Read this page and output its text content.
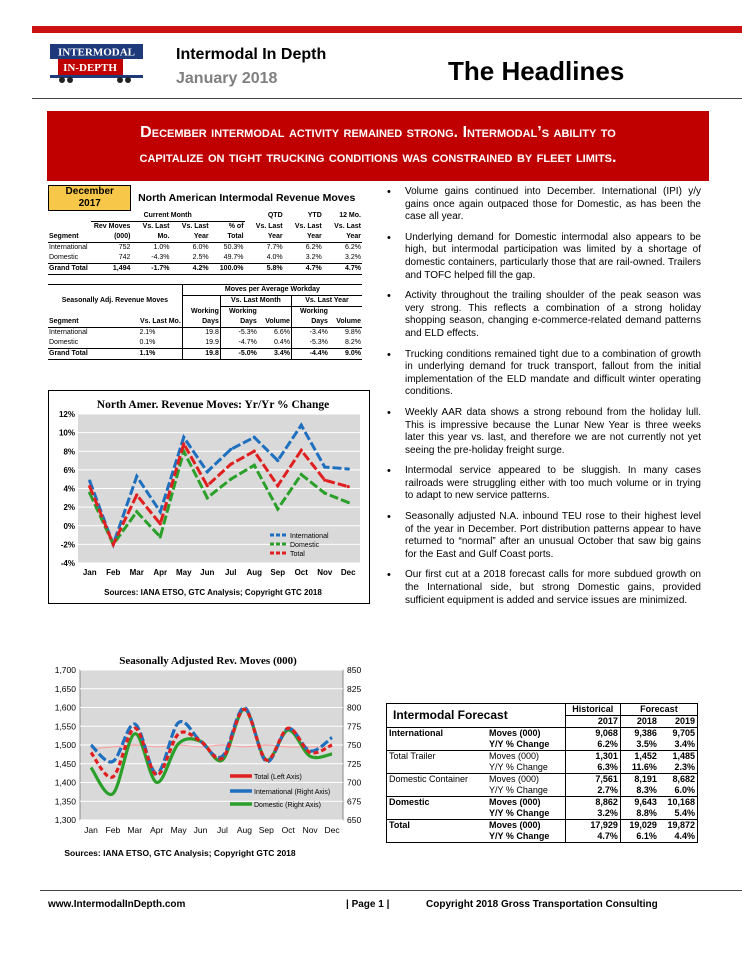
INTERMODAL
IN-DEPTH
Intermodal In Depth
January 2018	The Headlines
December intermodal activity remained strong. Intermodal’s ability to
capitalize on tight trucking conditions was constrained by fleet limits.
December
2017		North American Intermodal Revenue Moves					
	Current Month				QTD	YTD	12 Mo.
	Rev Moves	Vs. Last	Vs. Last	% of	Vs. Last	Vs. Last	Vs. Last
Segment	(000)	Mo.	Year	Total	Year	Year	Year
International	752	1.0%	6.0%	50.3%	7.7%	6.2%	6.2%
Domestic	742	-4.3%	2.5%	49.7%	4.0%	3.2%	3.2%
Grand Total	1,494	-1.7%	4.2%	100.0%	5.8%	4.7%	4.7%
		Moves per Average Workday				
Seasonally Adj. Revenue Moves			Vs. Last Month		Vs. Last Year	
		Working	Working		Working	
Segment	Vs. Last Mo.	Days	Days	Volume	Days	Volume
International	2.1%	19.8	-5.3%	6.6%	-3.4%	9.8%
Domestic	0.1%	19.9	-4.7%	0.4%	-5.3%	8.2%
Grand Total	1.1%	19.8	-5.0%	3.4%	-4.4%	9.0%
North Amer. Revenue Moves: Yr/Yr % Change
-4%
-2%
0%
2%
4%
6%
8%
10%
12%
Jan Feb Mar Apr May Jun Jul Aug Sep Oct Nov Dec
International
Domestic
Total
Sources: IANA ETSO, GTC Analysis; Copyright GTC 2018
Seasonally Adjusted Rev. Moves (000)
1,300
1,350
1,400
1,450
1,500
1,550
1,600
1,650
1,700
650
675
700
725
750
775
800
825
850
Jan Feb Mar Apr May Jun Jul Aug Sep Oct Nov Dec
Total (Left Axis)
International (Right Axis)
Domestic (Right Axis)
Sources: IANA ETSO, GTC Analysis; Copyright GTC 2018
• Volume gains continued into December. International (IPI) y/y gains once again outpaced those for Domestic, as has been the case all year.
• Underlying demand for Domestic intermodal also appears to be high, but intermodal participation was limited by a shortage of domestic containers, particularly those that are rail-owned. Trailers and TOFC helped fill the gap.
• Activity throughout the trailing shoulder of the peak season was very strong. This reflects a combination of a strong holiday shopping season, changing e-commerce-related demand patterns and ELD effects.
• Trucking conditions remained tight due to a combination of growth in underlying demand for truck transport, fallout from the initial implementation of the ELD mandate and difficult winter operating conditions.
• Weekly AAR data shows a strong rebound from the holiday lull. This is impressive because the Lunar New Year is three weeks later this year vs. last, and therefore we are not currently not yet seeing the pre-holiday freight surge.
• Intermodal service appeared to be sluggish. In many cases railroads were struggling either with too much volume or in trying to adapt to new service patterns.
• Seasonally adjusted N.A. inbound TEU rose to their highest level of the year in December. Port distribution patterns appear to have returned to “normal” after an unusual October that saw big gains for the East and Gulf Coast ports.
• Our first cut at a 2018 forecast calls for more subdued growth on the International side, but strong Domestic gains, provided sufficient equipment is added and service issues are minimized.
Intermodal Forecast		Historical	Forecast	
		2017	2018	2019
International	Moves (000)	9,068	9,386	9,705
	Y/Y % Change	6.2%	3.5%	3.4%
Total Trailer	Moves (000)	1,301	1,452	1,485
	Y/Y % Change	6.3%	11.6%	2.3%
Domestic Container	Moves (000)	7,561	8,191	8,682
	Y/Y % Change	2.7%	8.3%	6.0%
Domestic	Moves (000)	8,862	9,643	10,168
	Y/Y % Change	3.2%	8.8%	5.4%
Total	Moves (000)	17,929	19,029	19,872
	Y/Y % Change	4.7%	6.1%	4.4%
www.IntermodalInDepth.com	| Page 1 |	Copyright 2018 Gross Transportation Consulting
